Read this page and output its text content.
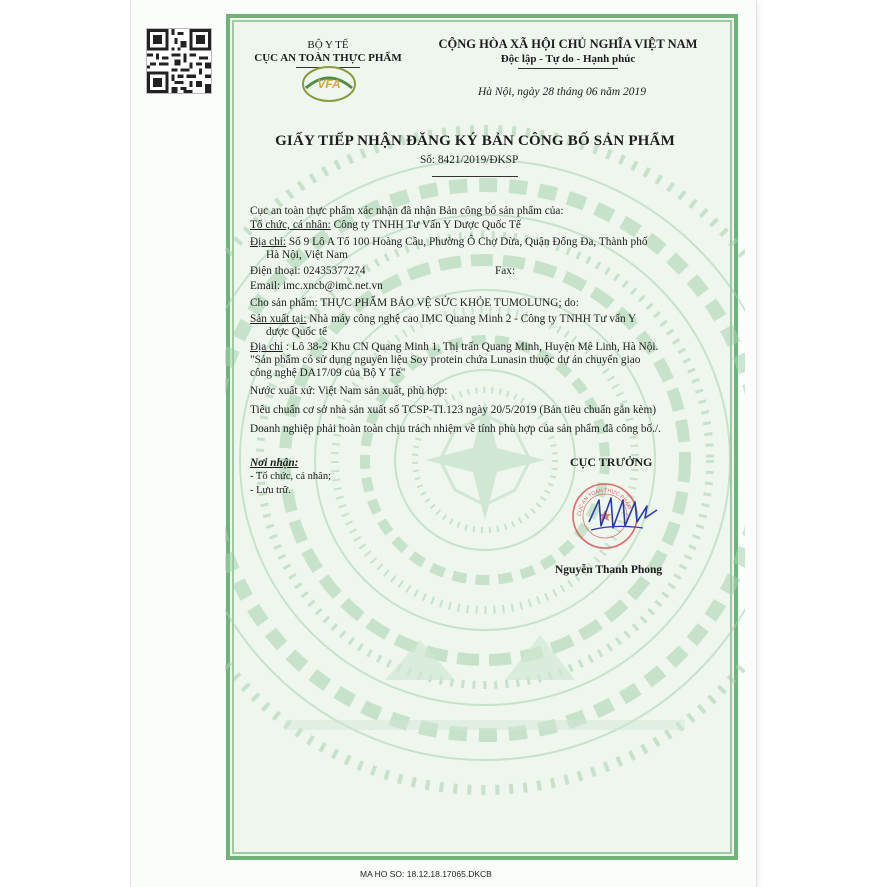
BỘ Y TẾ
CỤC AN TOÀN THỰC PHẨM
VFA
CỘNG HÒA XÃ HỘI CHỦ NGHĨA VIỆT NAM
Độc lập - Tự do - Hạnh phúc
Hà Nội, ngày 28 tháng 06 năm 2019
GIẤY TIẾP NHẬN ĐĂNG KÝ BẢN CÔNG BỐ SẢN PHẨM
Số: 8421/2019/ĐKSP
Cục an toàn thực phẩm xác nhận đã nhận Bản công bố sản phẩm của:
Tổ chức, cá nhân: Công ty TNHH Tư Vấn Y Dược Quốc Tế
Địa chỉ: Số 9 Lô A Tổ 100 Hoàng Cầu, Phường Ô Chợ Dừa, Quận Đống Đa, Thành phố
Hà Nội, Việt Nam
Điện thoại: 02435377274	Fax:
Email: imc.xncb@imc.net.vn
Cho sản phẩm: THỰC PHẨM BẢO VỆ SỨC KHỎE TUMOLUNG; do:
Sản xuất tại: Nhà máy công nghệ cao IMC Quang Minh 2 - Công ty TNHH Tư vấn Y
dược Quốc tế
Địa chỉ : Lô 38-2 Khu CN Quang Minh 1, Thị trấn Quang Minh, Huyện Mê Linh, Hà Nội.
"Sản phẩm có sử dụng nguyên liệu Soy protein chứa Lunasin thuộc dự án chuyển giao
công nghệ DA17/09 của Bộ Y Tế"
Nước xuất xứ: Việt Nam sản xuất, phù hợp:
Tiêu chuẩn cơ sở nhà sản xuất số TCSP-TI.123 ngày 20/5/2019 (Bản tiêu chuẩn gắn kèm)
Doanh nghiệp phải hoàn toàn chịu trách nhiệm về tính phù hợp của sản phẩm đã công bố./.
Nơi nhận:
- Tổ chức, cá nhân;
- Lưu trữ.
CỤC TRƯỞNG
CỤC AN TOÀN THỰC PHẨM
Nguyễn Thanh Phong
MA HO SO: 18.12.18.17065.DKCB
